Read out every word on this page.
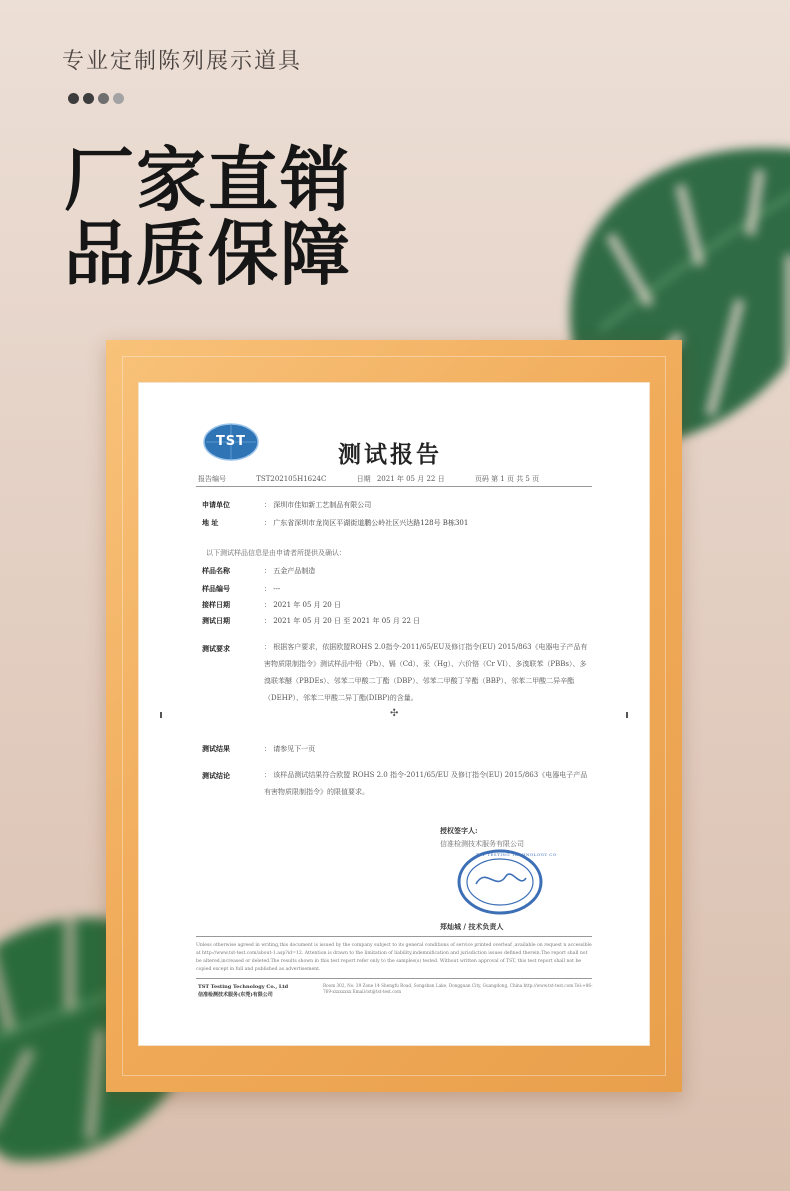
专业定制陈列展示道具
厂家直销
品质保障
TST
测试报告
报告编号	TST202105H1624C	日期 2021 年 05 月 22 日	页码 第 1 页 共 5 页
申请单位	： 深圳市佳如新工艺制品有限公司
地 址	： 广东省深圳市龙岗区平湖街道鹏公岭社区兴达路128号 B栋301
以下测试样品信息是由申请者所提供及确认：
样品名称	： 五金产品制造
样品编号	： ---
接样日期	： 2021 年 05 月 20 日
测试日期	： 2021 年 05 月 20 日 至 2021 年 05 月 22 日
测试要求	： 根据客户要求，依据欧盟ROHS 2.0指令-2011/65/EU及修订指令(EU) 2015/863《电器电子产品有害物质限制指令》测试样品中铅（Pb）、镉（Cd）、汞（Hg）、六价铬（Cr VI）、多溴联苯（PBBs）、多溴联苯醚（PBDEs）、邻苯二甲酸二丁酯（DBP）、邻苯二甲酸丁苄酯（BBP）、邻苯二甲酸二异辛酯（DEHP）、邻苯二甲酸二异丁酯(DIBP)的含量。
✣
测试结果	： 请参见下一页
测试结论	： 该样品测试结果符合欧盟 ROHS 2.0 指令-2011/65/EU 及修订指令(EU) 2015/863《电器电子产品有害物质限制指令》的限值要求。
授权签字人:
信准检测技术服务有限公司
TST TESTING TECHNOLOGY CO
郑灿城 / 技术负责人
Unless otherwise agreed in writing,this document is issued by the company subject to its general conditions of service printed overleaf ,available on request n accessible at http://www.tst-test.com/about-1.asp?id=12. Attention is drawn to the limitation of liability,indemnification and jurisdiction issues defined therein.The report shall not be altered,increased or deleted.The results shown in this test report refer only to the samples(s) tested. Without written approval of TST, this test report shall not be copied except in full and published as advertisement.
TST Testing Technology Co., Ltd
信准检测技术服务(东莞)有限公司
Room 302, No. 39 Zone 14 Shengfu Road, Songshan Lake, Dongguan City, Guangdong, China http://www.tst-test.com Tel:+86-769-xxxxxxxx Email:tst@tst-test.com
